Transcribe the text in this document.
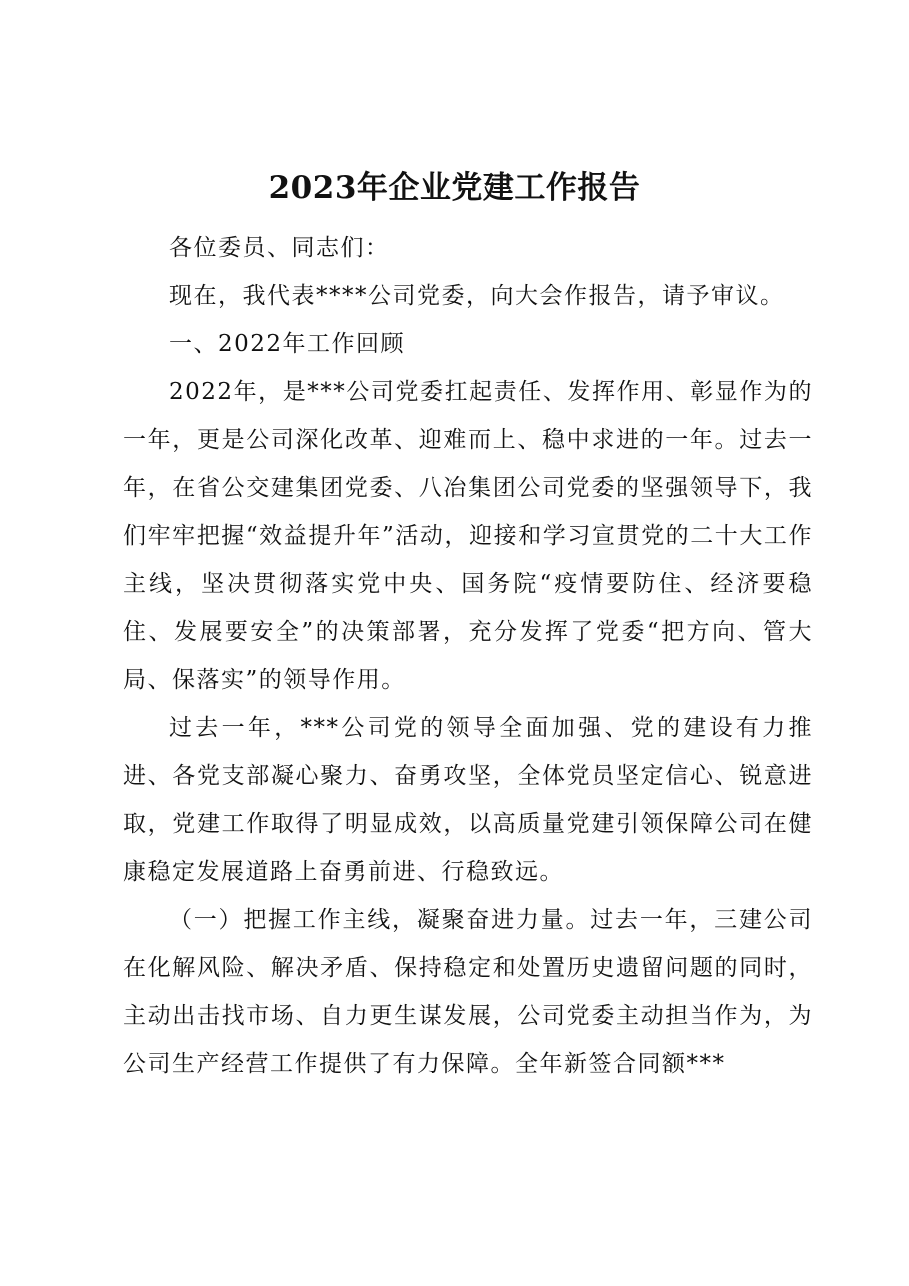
2023年企业党建工作报告

各位委员、同志们：

现在，我代表****公司党委，向大会作报告，请予审议。

一、2022年工作回顾

2022年，是***公司党委扛起责任、发挥作用、彰显作为的一年，更是公司深化改革、迎难而上、稳中求进的一年。过去一年，在省公交建集团党委、八冶集团公司党委的坚强领导下，我们牢牢把握“效益提升年”活动，迎接和学习宣贯党的二十大工作主线，坚决贯彻落实党中央、国务院“疫情要防住、经济要稳住、发展要安全”的决策部署，充分发挥了党委“把方向、管大局、保落实”的领导作用。

过去一年，***公司党的领导全面加强、党的建设有力推进、各党支部凝心聚力、奋勇攻坚，全体党员坚定信心、锐意进取，党建工作取得了明显成效，以高质量党建引领保障公司在健康稳定发展道路上奋勇前进、行稳致远。

（一）把握工作主线，凝聚奋进力量。过去一年，三建公司在化解风险、解决矛盾、保持稳定和处置历史遗留问题的同时，主动出击找市场、自力更生谋发展，公司党委主动担当作为，为公司生产经营工作提供了有力保障。全年新签合同额***
